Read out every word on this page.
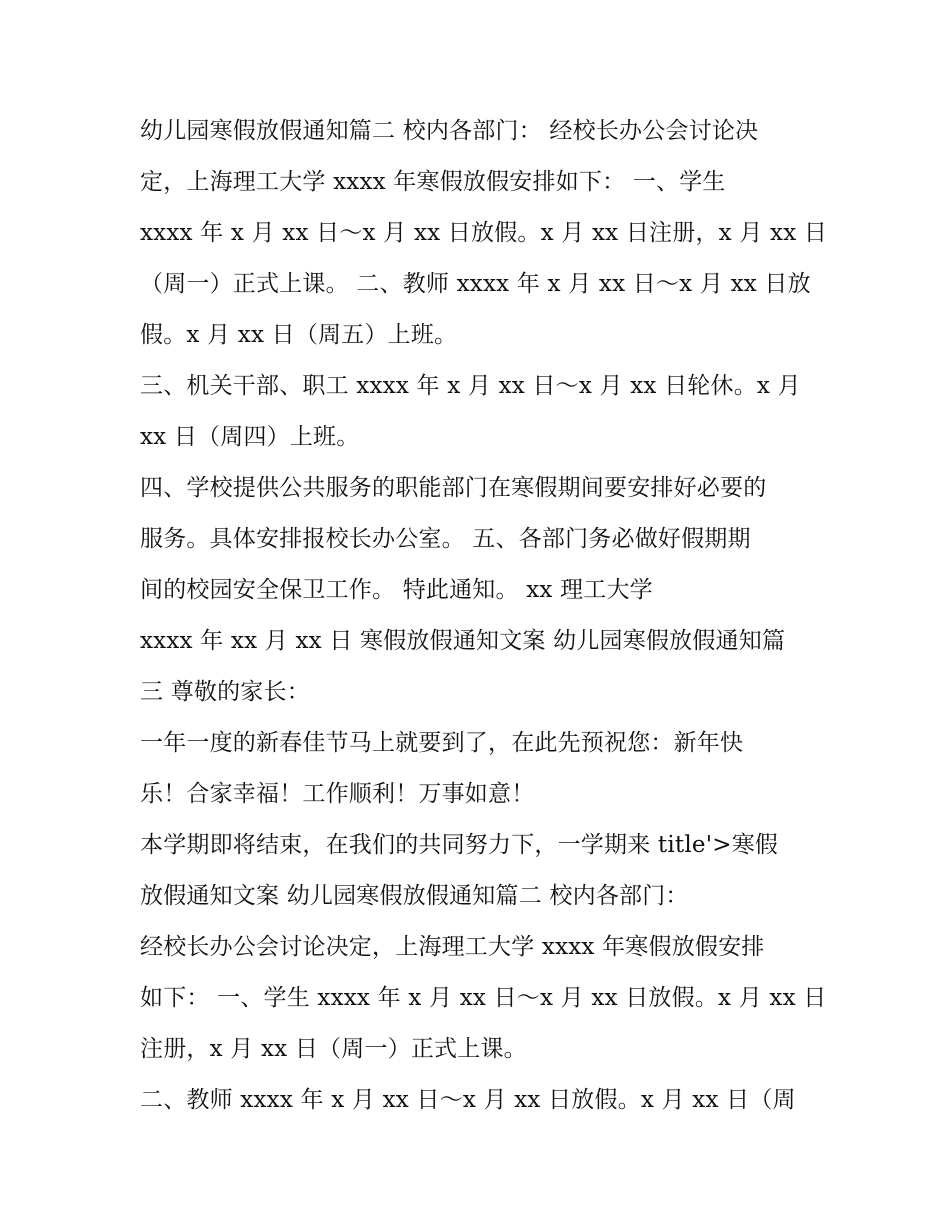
幼儿园寒假放假通知篇二 校内各部门： 经校长办公会讨论决
定，上海理工大学 xxxx 年寒假放假安排如下： 一、学生
xxxx 年 x 月 xx 日～x 月 xx 日放假。x 月 xx 日注册，x 月 xx 日
（周一）正式上课。 二、教师 xxxx 年 x 月 xx 日～x 月 xx 日放
假。x 月 xx 日（周五）上班。
三、机关干部、职工 xxxx 年 x 月 xx 日～x 月 xx 日轮休。x 月
xx 日（周四）上班。
四、学校提供公共服务的职能部门在寒假期间要安排好必要的
服务。具体安排报校长办公室。 五、各部门务必做好假期期
间的校园安全保卫工作。 特此通知。 xx 理工大学
xxxx 年 xx 月 xx 日 寒假放假通知文案 幼儿园寒假放假通知篇
三 尊敬的家长：
一年一度的新春佳节马上就要到了，在此先预祝您：新年快
乐！合家幸福！工作顺利！万事如意！
本学期即将结束，在我们的共同努力下，一学期来 title'>寒假
放假通知文案 幼儿园寒假放假通知篇二 校内各部门：
经校长办公会讨论决定，上海理工大学 xxxx 年寒假放假安排
如下： 一、学生 xxxx 年 x 月 xx 日～x 月 xx 日放假。x 月 xx 日
注册，x 月 xx 日（周一）正式上课。
二、教师 xxxx 年 x 月 xx 日～x 月 xx 日放假。x 月 xx 日（周
